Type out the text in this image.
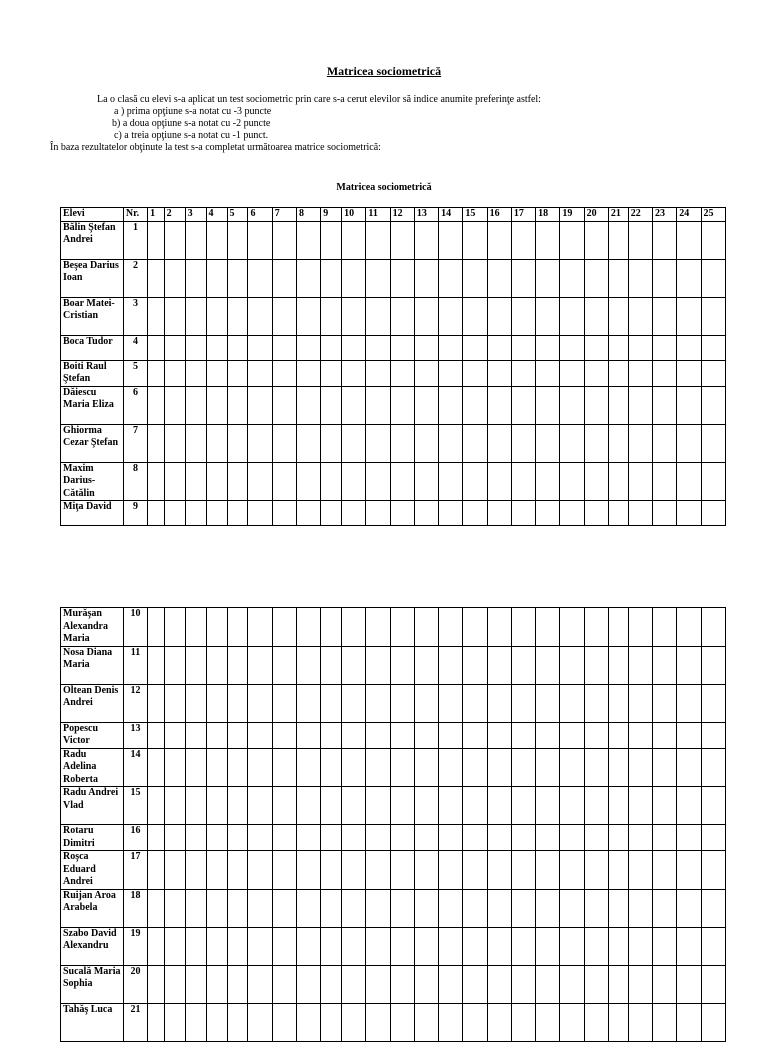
Matricea sociometrică
La o clasă cu elevi s-a aplicat un test sociometric prin care s-a cerut elevilor să indice anumite preferinţe astfel:
a ) prima opţiune s-a notat cu -3 puncte
b) a doua opţiune s-a notat cu -2 puncte
c) a treia opţiune s-a notat cu -1 punct.
În baza rezultatelor obţinute la test s-a completat următoarea matrice sociometrică:
Matricea sociometrică
Elevi	Nr.	1	2	3	4	5	6	7	8	9	10	11	12	13	14	15	16	17	18	19	20	21	22	23	24	25
Bălin Ştefan Andrei	1																									
Beşea Darius Ioan	2																									
Boar Matei-Cristian	3																									
Boca Tudor	4																									
Boiti Raul Ştefan	5																									
Dăiescu Maria Eliza	6																									
Ghiorma Cezar Ştefan	7																									
Maxim Darius-Cătălin	8																									
Miţa David	9																									
Murăşan Alexandra Maria	10																									
Nosa Diana Maria	11																									
Oltean Denis Andrei	12																									
Popescu Victor	13																									
Radu Adelina Roberta	14																									
Radu Andrei Vlad	15																									
Rotaru Dimitri	16																									
Roşca Eduard Andrei	17																									
Ruijan Aroa Arabela	18																									
Szabo David Alexandru	19																									
Sucală Maria Sophia	20																									
Tahăş Luca	21																									
